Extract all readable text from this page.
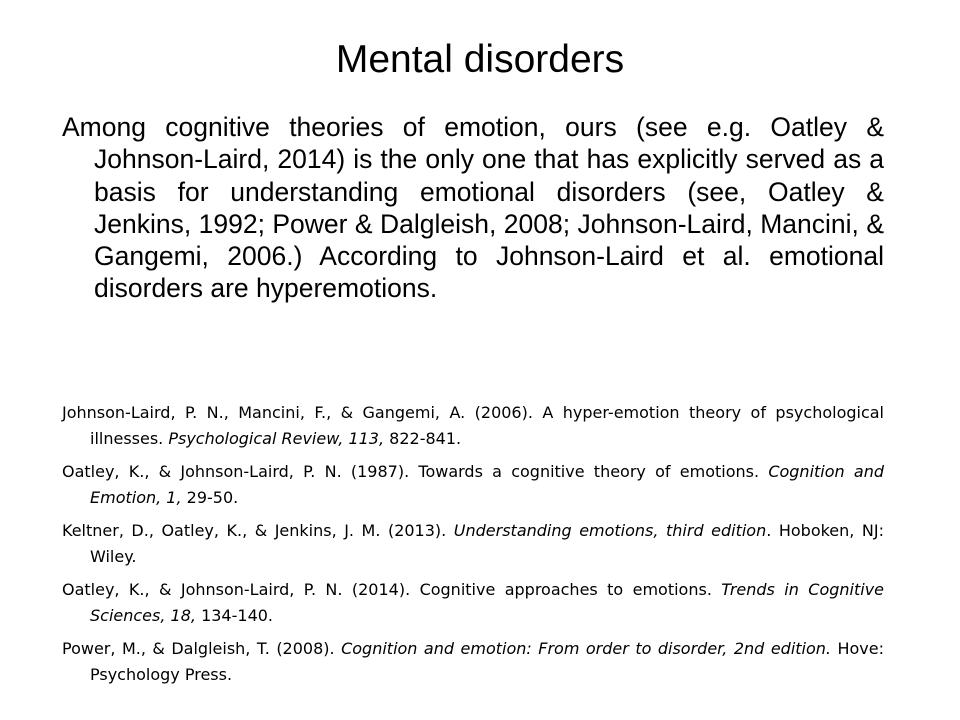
Mental disorders

Among cognitive theories of emotion, ours (see e.g. Oatley & Johnson-Laird, 2014) is the only one that has explicitly served as a basis for understanding emotional disorders (see, Oatley & Jenkins, 1992; Power & Dalgleish, 2008; Johnson-Laird, Mancini, & Gangemi, 2006.) According to Johnson-Laird et al. emotional disorders are hyperemotions.

Johnson-Laird, P. N., Mancini, F., & Gangemi, A. (2006). A hyper-emotion theory of psychological illnesses. Psychological Review, 113, 822-841.
Oatley, K., & Johnson-Laird, P. N. (1987). Towards a cognitive theory of emotions. Cognition and Emotion, 1, 29-50.
Keltner, D., Oatley, K., & Jenkins, J. M. (2013). Understanding emotions, third edition. Hoboken, NJ: Wiley.
Oatley, K., & Johnson-Laird, P. N. (2014). Cognitive approaches to emotions. Trends in Cognitive Sciences, 18, 134-140.
Power, M., & Dalgleish, T. (2008). Cognition and emotion: From order to disorder, 2nd edition. Hove: Psychology Press.
